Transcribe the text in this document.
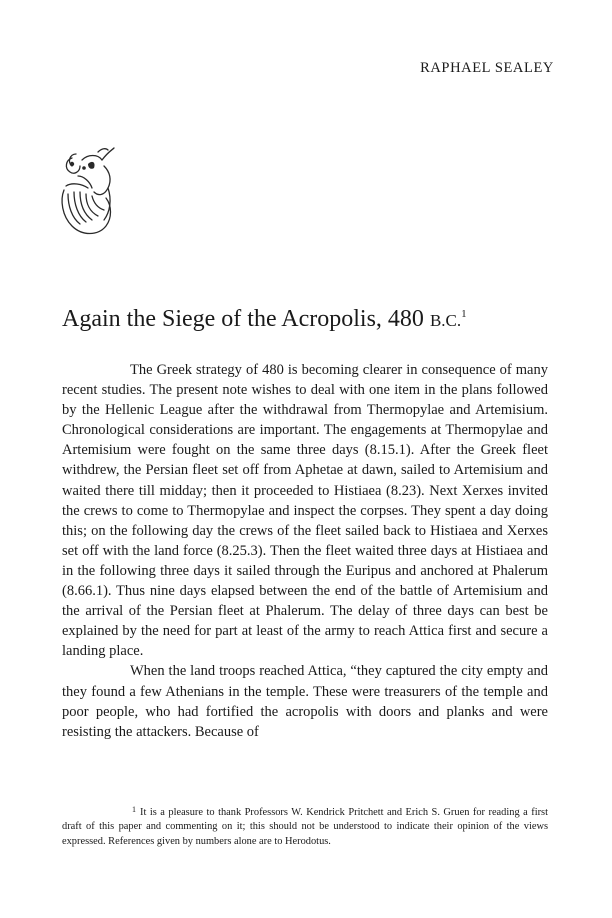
RAPHAEL SEALEY

Again the Siege of the Acropolis, 480 B.C.$^1$

The Greek strategy of 480 is becoming clearer in consequence of many recent studies. The present note wishes to deal with one item in the plans followed by the Hellenic League after the withdrawal from Thermopylae and Artemisium. Chronological considerations are important. The engagements at Thermopylae and Artemisium were fought on the same three days (8.15.1). After the Greek fleet withdrew, the Persian fleet set off from Aphetae at dawn, sailed to Artemisium and waited there till midday; then it proceeded to Histiaea (8.23). Next Xerxes invited the crews to come to Thermopylae and inspect the corpses. They spent a day doing this; on the following day the crews of the fleet sailed back to Histiaea and Xerxes set off with the land force (8.25.3). Then the fleet waited three days at Histiaea and in the following three days it sailed through the Euripus and anchored at Phalerum (8.66.1). Thus nine days elapsed between the end of the battle of Artemisium and the arrival of the Persian fleet at Phalerum. The delay of three days can best be explained by the need for part at least of the army to reach Attica first and secure a landing place.

When the land troops reached Attica, “they captured the city empty and they found a few Athenians in the temple. These were treasurers of the temple and poor people, who had fortified the acropolis with doors and planks and were resisting the attackers. Because of

$^1$ It is a pleasure to thank Professors W. Kendrick Pritchett and Erich S. Gruen for reading a first draft of this paper and commenting on it; this should not be understood to indicate their opinion of the views expressed. References given by numbers alone are to Herodotus.
